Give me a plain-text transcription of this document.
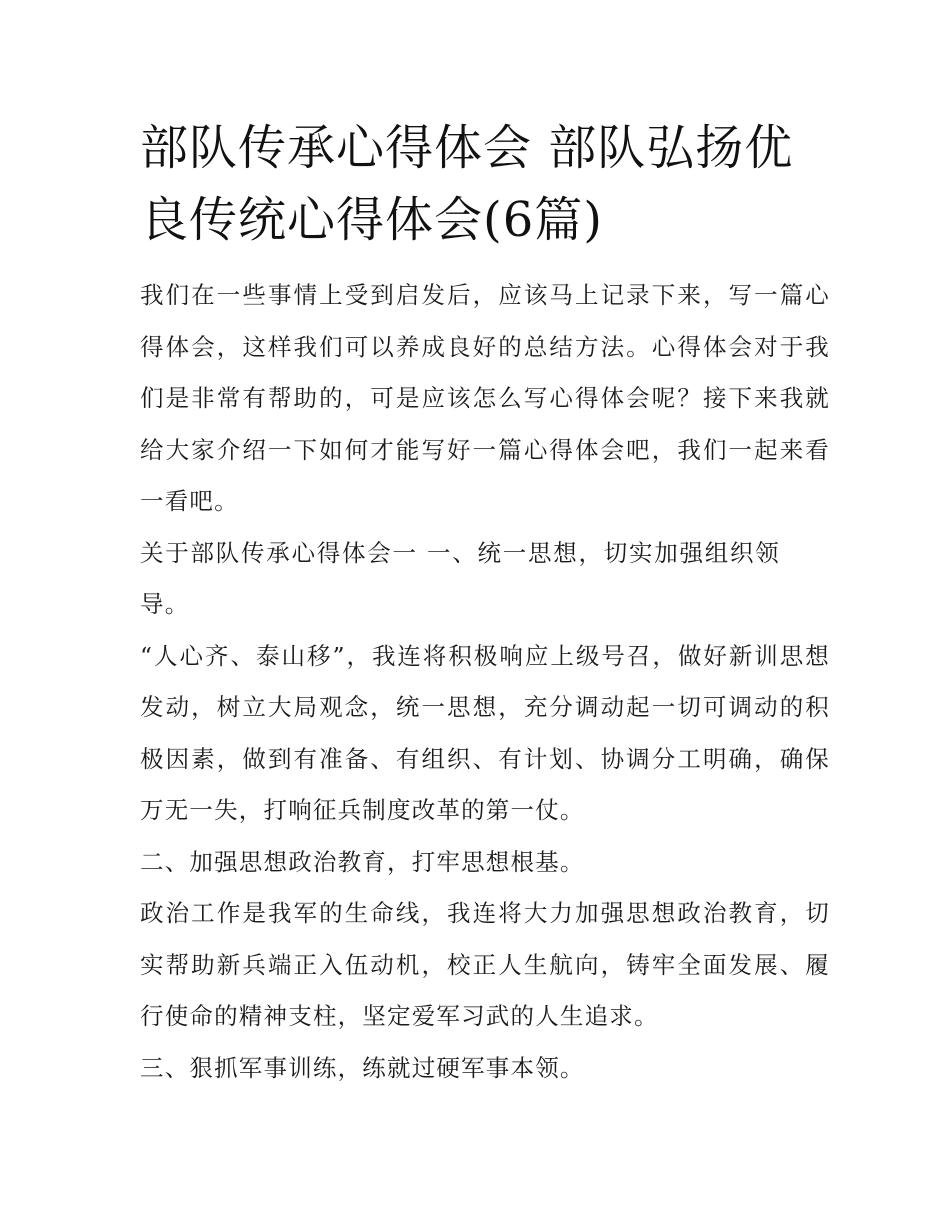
部队传承心得体会 部队弘扬优良传统心得体会(6篇)

我们在一些事情上受到启发后，应该马上记录下来，写一篇心得体会，这样我们可以养成良好的总结方法。心得体会对于我们是非常有帮助的，可是应该怎么写心得体会呢？接下来我就给大家介绍一下如何才能写好一篇心得体会吧，我们一起来看一看吧。

关于部队传承心得体会一 一、统一思想，切实加强组织领导。

“人心齐、泰山移”，我连将积极响应上级号召，做好新训思想发动，树立大局观念，统一思想，充分调动起一切可调动的积极因素，做到有准备、有组织、有计划、协调分工明确，确保万无一失，打响征兵制度改革的第一仗。

二、加强思想政治教育，打牢思想根基。

政治工作是我军的生命线，我连将大力加强思想政治教育，切实帮助新兵端正入伍动机，校正人生航向，铸牢全面发展、履行使命的精神支柱，坚定爱军习武的人生追求。

三、狠抓军事训练，练就过硬军事本领。
